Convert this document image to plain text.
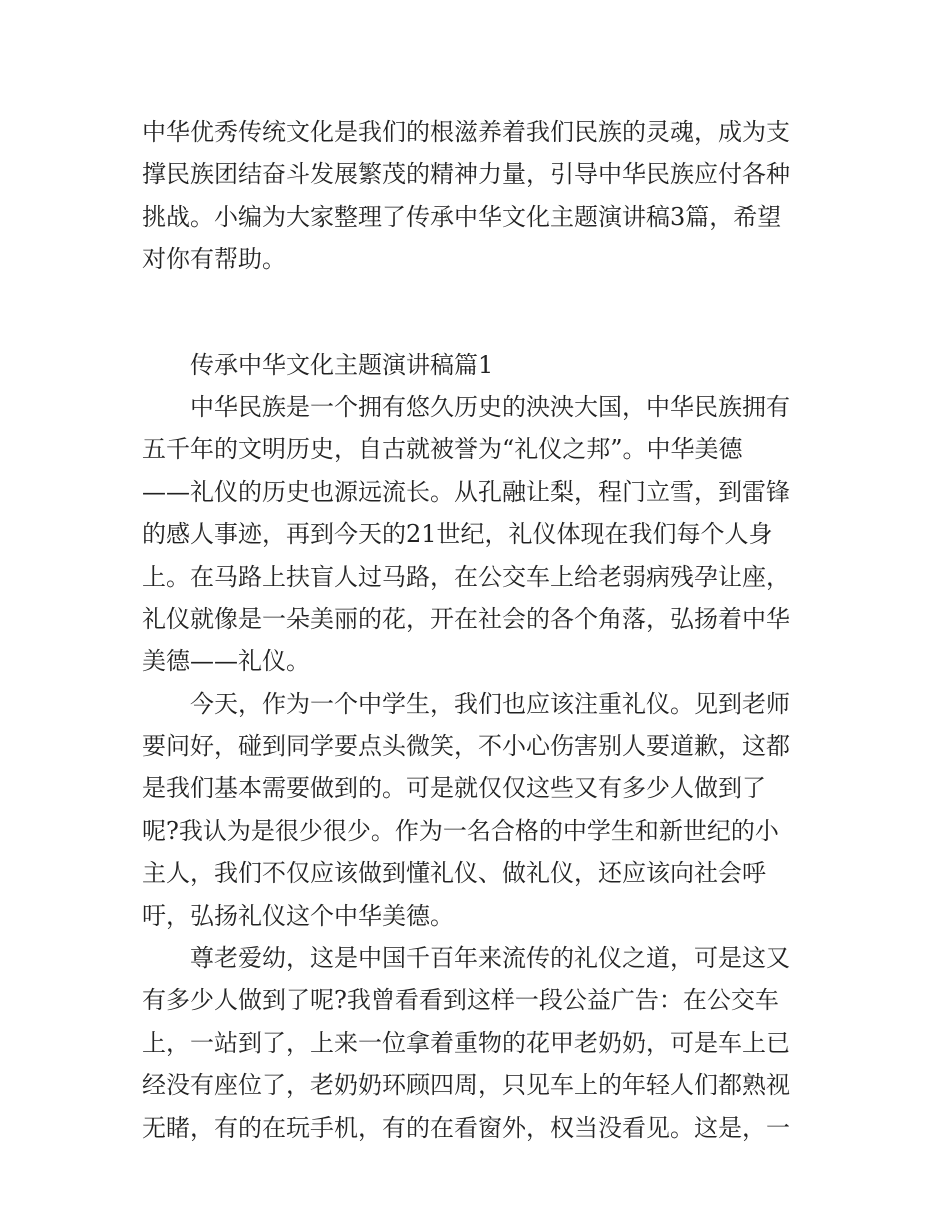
中华优秀传统文化是我们的根滋养着我们民族的灵魂，成为支
撑民族团结奋斗发展繁茂的精神力量，引导中华民族应付各种
挑战。小编为大家整理了传承中华文化主题演讲稿3篇，希望
对你有帮助。
传承中华文化主题演讲稿篇1
中华民族是一个拥有悠久历史的泱泱大国，中华民族拥有
五千年的文明历史，自古就被誉为“礼仪之邦”。中华美德
——礼仪的历史也源远流长。从孔融让梨，程门立雪，到雷锋
的感人事迹，再到今天的21世纪，礼仪体现在我们每个人身
上。在马路上扶盲人过马路，在公交车上给老弱病残孕让座，
礼仪就像是一朵美丽的花，开在社会的各个角落，弘扬着中华
美德——礼仪。
今天，作为一个中学生，我们也应该注重礼仪。见到老师
要问好，碰到同学要点头微笑，不小心伤害别人要道歉，这都
是我们基本需要做到的。可是就仅仅这些又有多少人做到了
呢?我认为是很少很少。作为一名合格的中学生和新世纪的小
主人，我们不仅应该做到懂礼仪、做礼仪，还应该向社会呼
吁，弘扬礼仪这个中华美德。
尊老爱幼，这是中国千百年来流传的礼仪之道，可是这又
有多少人做到了呢?我曾看看到这样一段公益广告：在公交车
上，一站到了，上来一位拿着重物的花甲老奶奶，可是车上已
经没有座位了，老奶奶环顾四周，只见车上的年轻人们都熟视
无睹，有的在玩手机，有的在看窗外，权当没看见。这是，一
